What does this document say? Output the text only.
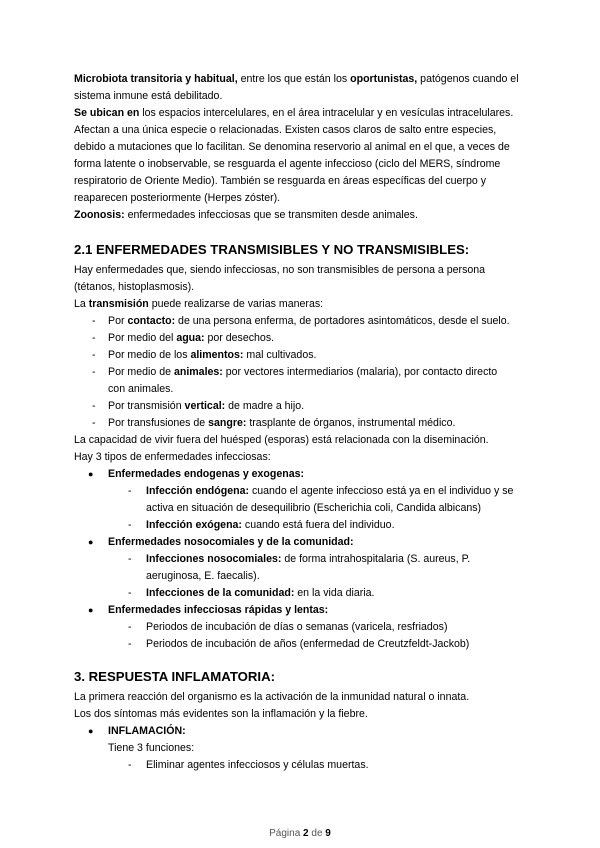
Microbiota transitoria y habitual, entre los que están los oportunistas, patógenos cuando el
sistema inmune está debilitado.
Se ubican en los espacios intercelulares, en el área intracelular y en vesículas intracelulares.
Afectan a una única especie o relacionadas. Existen casos claros de salto entre especies,
debido a mutaciones que lo facilitan. Se denomina reservorio al animal en el que, a veces de
forma latente o inobservable, se resguarda el agente infeccioso (ciclo del MERS, síndrome
respiratorio de Oriente Medio). También se resguarda en áreas específicas del cuerpo y
reaparecen posteriormente (Herpes zóster).
Zoonosis: enfermedades infecciosas que se transmiten desde animales.
2.1 ENFERMEDADES TRANSMISIBLES Y NO TRANSMISIBLES:
Hay enfermedades que, siendo infecciosas, no son transmisibles de persona a persona
(tétanos, histoplasmosis).
La transmisión puede realizarse de varias maneras:
- Por contacto: de una persona enferma, de portadores asintomáticos, desde el suelo.
- Por medio del agua: por desechos.
- Por medio de los alimentos: mal cultivados.
- Por medio de animales: por vectores intermediarios (malaria), por contacto directo
con animales.
- Por transmisión vertical: de madre a hijo.
- Por transfusiones de sangre: trasplante de órganos, instrumental médico.
La capacidad de vivir fuera del huésped (esporas) está relacionada con la diseminación.
Hay 3 tipos de enfermedades infecciosas:
● Enfermedades endogenas y exogenas:
- Infección endógena: cuando el agente infeccioso está ya en el individuo y se
activa en situación de desequilibrio (Escherichia coli, Candida albicans)
- Infección exógena: cuando está fuera del individuo.
● Enfermedades nosocomiales y de la comunidad:
- Infecciones nosocomiales: de forma intrahospitalaria (S. aureus, P.
aeruginosa, E. faecalis).
- Infecciones de la comunidad: en la vida diaria.
● Enfermedades infecciosas rápidas y lentas:
- Periodos de incubación de días o semanas (varicela, resfriados)
- Periodos de incubación de años (enfermedad de Creutzfeldt-Jackob)
3. RESPUESTA INFLAMATORIA:
La primera reacción del organismo es la activación de la inmunidad natural o innata.
Los dos síntomas más evidentes son la inflamación y la fiebre.
● INFLAMACIÓN:
Tiene 3 funciones:
- Eliminar agentes infecciosos y células muertas.
Página 2 de 9
